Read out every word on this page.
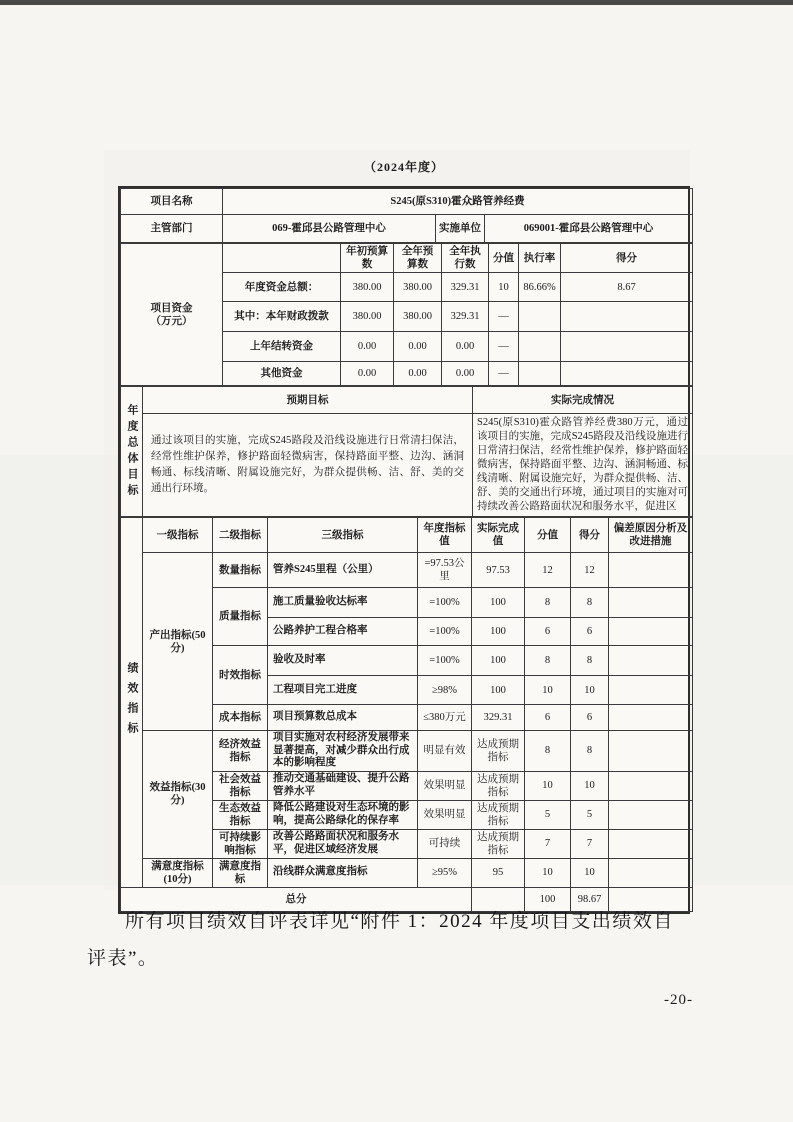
（2024年度）
项目名称	S245(原S310)霍众路管养经费		
主管部门	069-霍邱县公路管理中心	实施单位	069001-霍邱县公路管理中心
项目资金（万元）		年初预算数	全年预算数	全年执行数	分值	执行率	得分
	年度资金总额：	380.00	380.00	329.31	10	86.66%	8.67
	其中：本年财政拨款	380.00	380.00	329.31	—		
	上年结转资金	0.00	0.00	0.00	—		
	其他资金	0.00	0.00	0.00	—		
年度总体目标	预期目标	实际完成情况
	通过该项目的实施，完成S245路段及沿线设施进行日常清扫保洁，经常性维护保养，修护路面轻微病害，保持路面平整、边沟、涵洞畅通、标线清晰、附属设施完好，为群众提供畅、洁、舒、美的交通出行环境。	S245(原S310)霍众路管养经费380万元，通过该项目的实施，完成S245路段及沿线设施进行日常清扫保洁，经常性维护保养，修护路面轻微病害，保持路面平整、边沟、涵洞畅通、标线清晰、附属设施完好，为群众提供畅、洁、舒、美的交通出行环境，通过项目的实施对可持续改善公路路面状况和服务水平，促进区
绩效指标	一级指标	二级指标	三级指标	年度指标值	实际完成值	分值	得分	偏差原因分析及改进措施
	产出指标(50分)	数量指标	管养S245里程（公里）	=97.53公里	97.53	12	12	
		质量指标	施工质量验收达标率	=100%	100	8	8	
			公路养护工程合格率	=100%	100	6	6	
		时效指标	验收及时率	=100%	100	8	8	
			工程项目完工进度	≥98%	100	10	10	
		成本指标	项目预算数总成本	≤380万元	329.31	6	6	
	效益指标(30分)	经济效益指标	项目实施对农村经济发展带来显著提高，对减少群众出行成本的影响程度	明显有效	达成预期指标	8	8	
		社会效益指标	推动交通基础建设、提升公路管养水平	效果明显	达成预期指标	10	10	
		生态效益指标	降低公路建设对生态环境的影响，提高公路绿化的保存率	效果明显	达成预期指标	5	5	
		可持续影响指标	改善公路路面状况和服务水平，促进区域经济发展	可持续	达成预期指标	7	7	
	满意度指标(10分)	满意度指标	沿线群众满意度指标	≥95%	95	10	10	
总分						100	98.67	

所有项目绩效自评表详见“附件 1：2024 年度项目支出绩效自评表”。

-20-
